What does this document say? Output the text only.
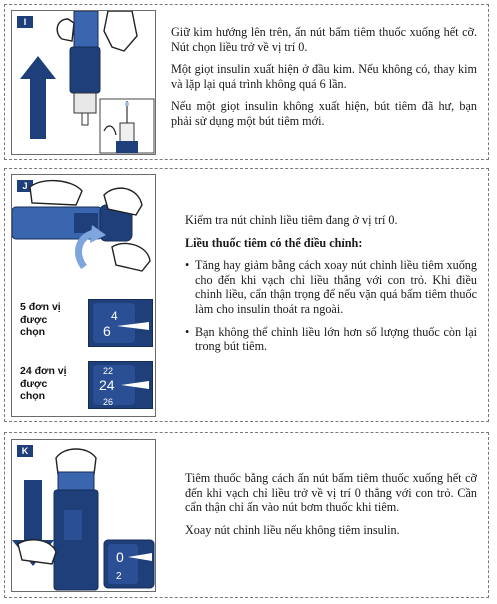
I

Giữ kim hướng lên trên, ấn nút bấm tiêm thuốc xuống hết cỡ. Nút chọn liều trở về vị trí 0.

Một giọt insulin xuất hiện ở đầu kim. Nếu không có, thay kim và lặp lại quá trình không quá 6 lần.

Nếu một giọt insulin không xuất hiện, bút tiêm đã hư, bạn phải sử dụng một bút tiêm mới.

J
5 đơn vị
được
chọn
4
6
24 đơn vị
được
chọn
22
24
26

Kiểm tra nút chỉnh liều tiêm đang ở vị trí 0.

Liều thuốc tiêm có thể điều chỉnh:

• Tăng hay giảm bằng cách xoay nút chỉnh liều tiêm xuống cho đến khi vạch chỉ liều thẳng với con trỏ. Khi điều chỉnh liều, cẩn thận trọng để nếu vặn quá bấm tiêm thuốc làm cho insulin thoát ra ngoài.
• Bạn không thể chỉnh liều lớn hơn số lượng thuốc còn lại trong bút tiêm.
K
0
2

Tiêm thuốc bằng cách ấn nút bấm tiêm thuốc xuống hết cỡ đến khi vạch chỉ liều trở về vị trí 0 thẳng với con trỏ. Cần cẩn thận chỉ ấn vào nút bơm thuốc khi tiêm.

Xoay nút chỉnh liều nếu không tiêm insulin.
